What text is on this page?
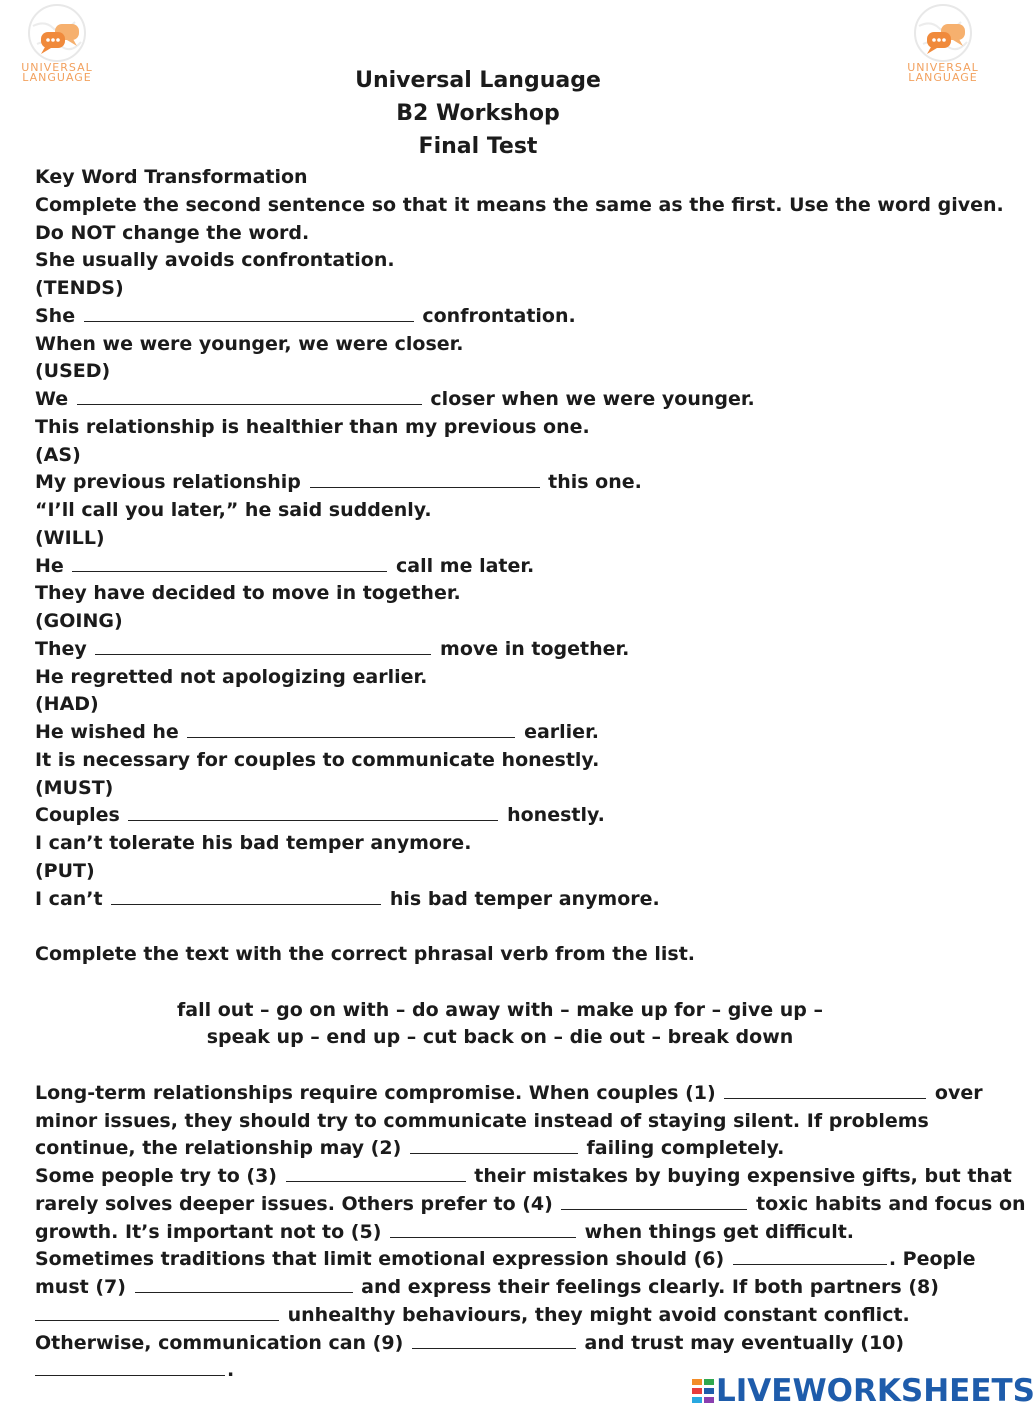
UNIVERSAL
LANGUAGE
UNIVERSAL
LANGUAGE
Universal Language
B2 Workshop
Final Test
Key Word Transformation
Complete the second sentence so that it means the same as the first. Use the word given.
Do NOT change the word.
She usually avoids confrontation.
(TENDS)
She	confrontation.
When we were younger, we were closer.
(USED)
We	closer when we were younger.
This relationship is healthier than my previous one.
(AS)
My previous relationship	this one.
“I’ll call you later,” he said suddenly.
(WILL)
He	call me later.
They have decided to move in together.
(GOING)
They	move in together.
He regretted not apologizing earlier.
(HAD)
He wished he	earlier.
It is necessary for couples to communicate honestly.
(MUST)
Couples	honestly.
I can’t tolerate his bad temper anymore.
(PUT)
I can’t	his bad temper anymore.
Complete the text with the correct phrasal verb from the list.
fall out – go on with – do away with – make up for – give up –
speak up – end up – cut back on – die out – break down
Long-term relationships require compromise. When couples (1)	over
minor issues, they should try to communicate instead of staying silent. If problems
continue, the relationship may (2)	failing completely.
Some people try to (3)	their mistakes by buying expensive gifts, but that
rarely solves deeper issues. Others prefer to (4)	toxic habits and focus on
growth. It’s important not to (5)	when things get difficult.
Sometimes traditions that limit emotional expression should (6)	. People
must (7)	and express their feelings clearly. If both partners (8)
unhealthy behaviours, they might avoid constant conflict.
Otherwise, communication can (9)	and trust may eventually (10)
.
LIVEWORKSHEETS
